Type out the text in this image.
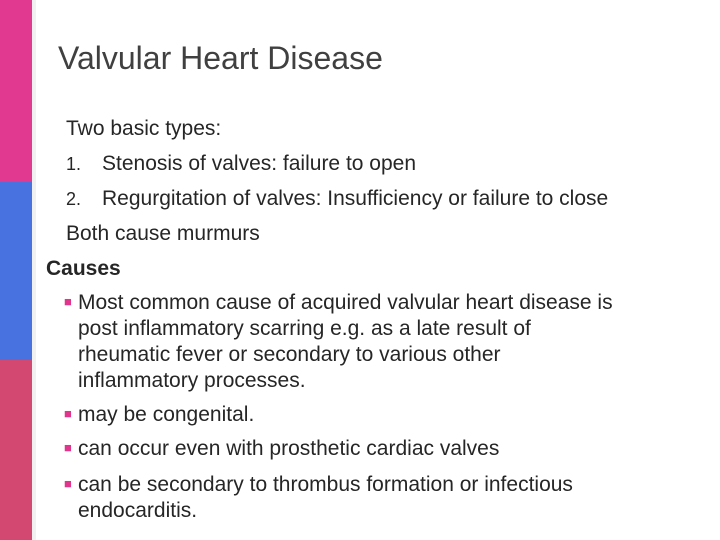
Valvular Heart Disease
Two basic types:
1. Stenosis of valves: failure to open
2. Regurgitation of valves: Insufficiency or failure to close
Both cause murmurs
Causes
■ Most common cause of acquired valvular heart disease is
post inflammatory scarring e.g. as a late result of
rheumatic fever or secondary to various other
inflammatory processes.
■ may be congenital.
■ can occur even with prosthetic cardiac valves
■ can be secondary to thrombus formation or infectious
endocarditis.
